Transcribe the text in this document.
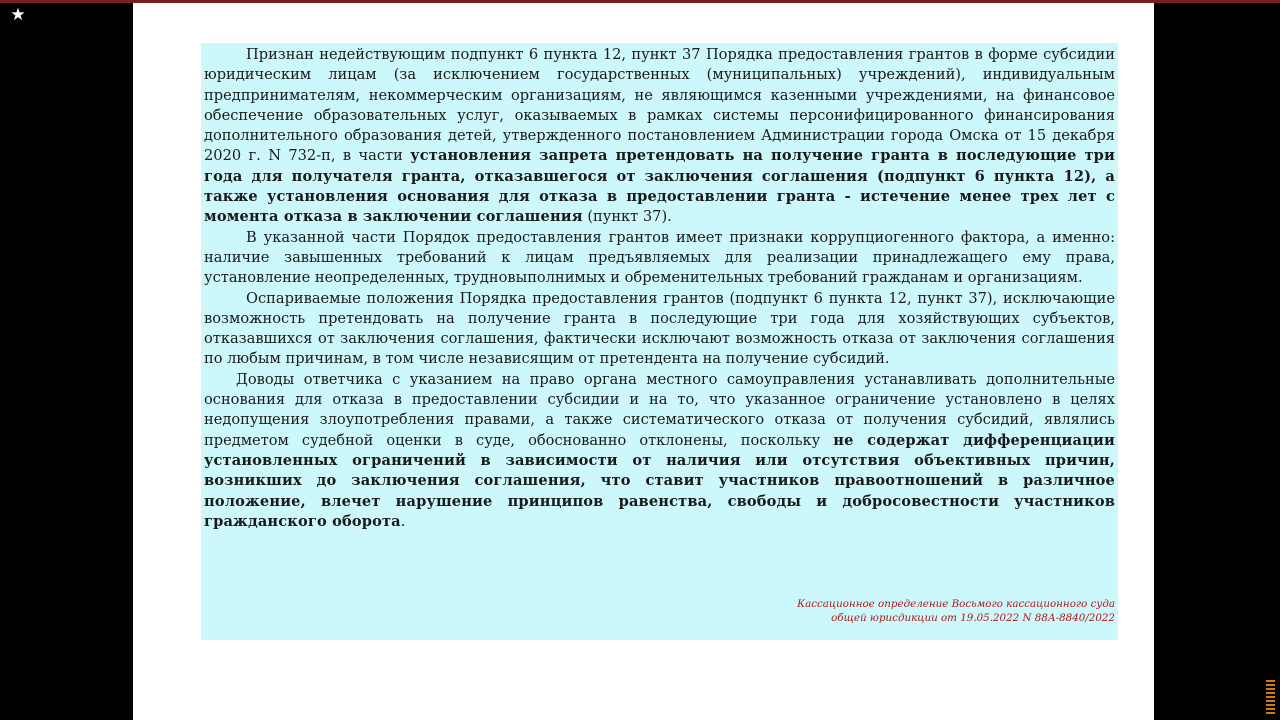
★

Признан недействующим подпункт 6 пункта 12, пункт 37 Порядка предоставления грантов в форме субсидии юридическим лицам (за исключением государственных (муниципальных) учреждений), индивидуальным предпринимателям, некоммерческим организациям, не являющимся казенными учреждениями, на финансовое обеспечение образовательных услуг, оказываемых в рамках системы персонифицированного финансирования дополнительного образования детей, утвержденного постановлением Администрации города Омска от 15 декабря 2020 г. N 732-п, в части установления запрета претендовать на получение гранта в последующие три года для получателя гранта, отказавшегося от заключения соглашения (подпункт 6 пункта 12), а также установления основания для отказа в предоставлении гранта - истечение менее трех лет с момента отказа в заключении соглашения (пункт 37).

В указанной части Порядок предоставления грантов имеет признаки коррупциогенного фактора, а именно: наличие завышенных требований к лицам предъявляемых для реализации принадлежащего ему права, установление неопределенных, трудновыполнимых и обременительных требований гражданам и организациям.

Оспариваемые положения Порядка предоставления грантов (подпункт 6 пункта 12, пункт 37), исключающие возможность претендовать на получение гранта в последующие три года для хозяйствующих субъектов, отказавшихся от заключения соглашения, фактически исключают возможность отказа от заключения соглашения по любым причинам, в том числе независящим от претендента на получение субсидий.

Доводы ответчика с указанием на право органа местного самоуправления устанавливать дополнительные основания для отказа в предоставлении субсидии и на то, что указанное ограничение установлено в целях недопущения злоупотребления правами, а также систематического отказа от получения субсидий, являлись предметом судебной оценки в суде, обоснованно отклонены, поскольку не содержат дифференциации установленных ограничений в зависимости от наличия или отсутствия объективных причин, возникших до заключения соглашения, что ставит участников правоотношений в различное положение, влечет нарушение принципов равенства, свободы и добросовестности участников гражданского оборота.

Кассационное определение Восьмого кассационного суда
общей юрисдикции от 19.05.2022 N 88А-8840/2022
